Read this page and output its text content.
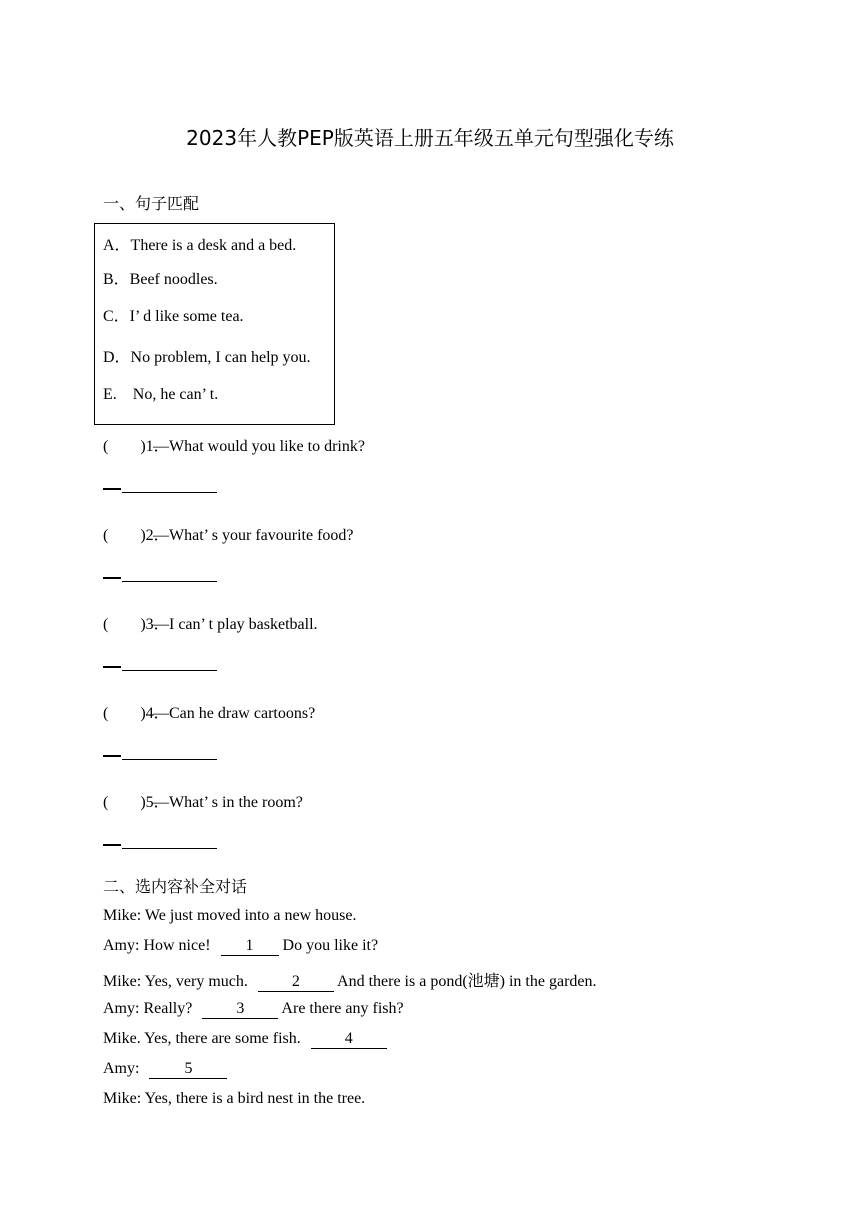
2023年人教PEP版英语上册五年级五单元句型强化专练
一、句子匹配
A．There is a desk and a bed.
B．Beef noodles.
C．I’ d like some tea.
D．No problem, I can help you.
E.　No, he can’ t.
(　　)1．—What would you like to drink?
(　　)2．—What’ s your favourite food?
(　　)3．—I can’ t play basketball.
(　　)4．—Can he draw cartoons?
(　　)5．—What’ s in the room?
二、选内容补全对话
Mike: We just moved into a new house.
Amy: How nice! 1 Do you like it?
Mike: Yes, very much.	2 And there is a pond(池塘) in the garden.
Amy: Really?	3 Are there any fish?
Mike. Yes, there are some fish.	4
Amy:	5
Mike: Yes, there is a bird nest in the tree.
